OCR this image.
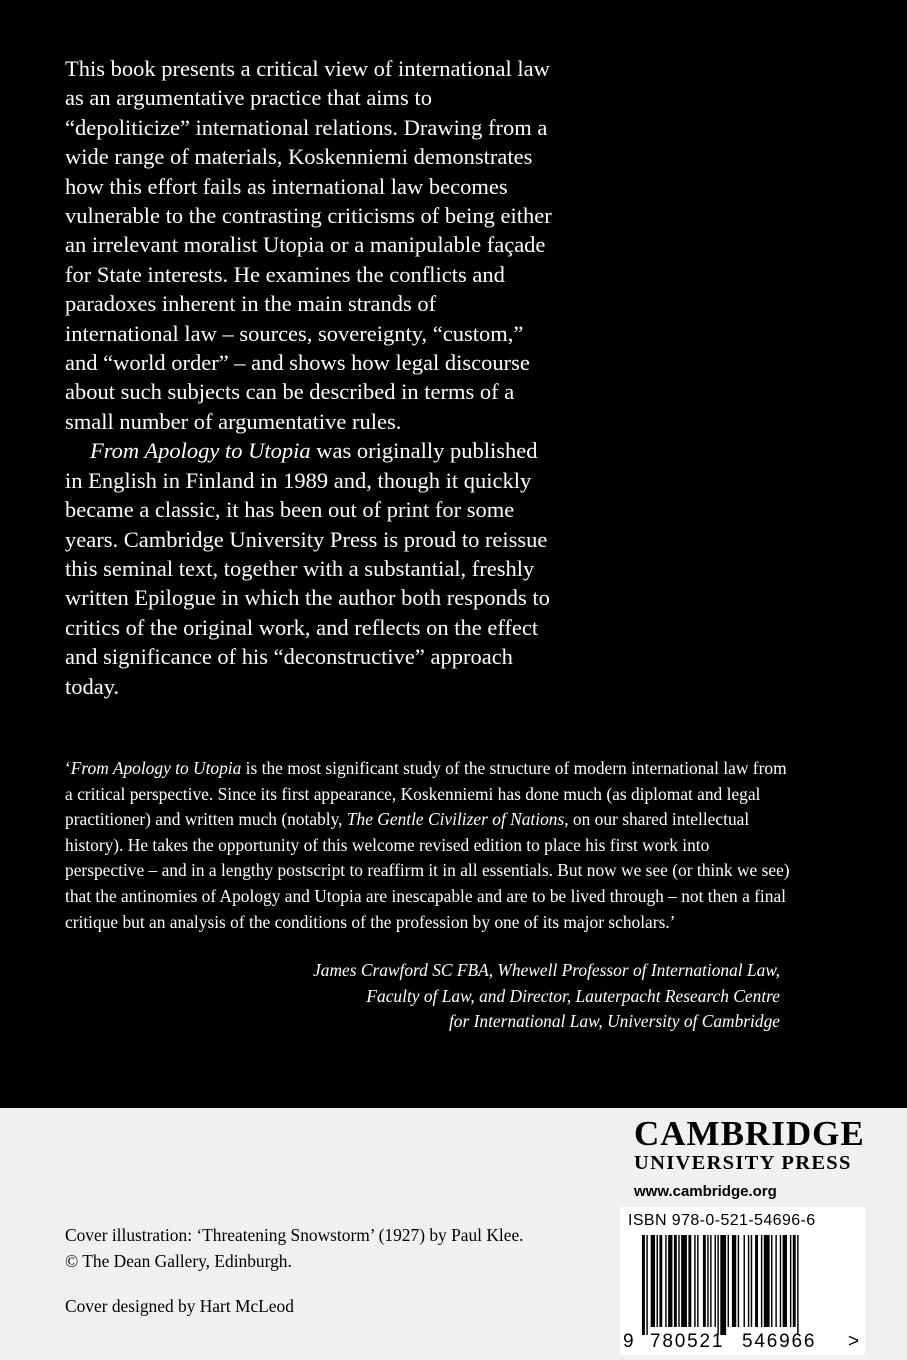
This book presents a critical view of international law as an argumentative practice that aims to “depoliticize” international relations. Drawing from a wide range of materials, Koskenniemi demonstrates how this effort fails as international law becomes vulnerable to the contrasting criticisms of being either an irrelevant moralist Utopia or a manipulable façade for State interests. He examines the conflicts and paradoxes inherent in the main strands of international law – sources, sovereignty, “custom,” and “world order” – and shows how legal discourse about such subjects can be described in terms of a small number of argumentative rules.

From Apology to Utopia was originally published in English in Finland in 1989 and, though it quickly became a classic, it has been out of print for some years. Cambridge University Press is proud to reissue this seminal text, together with a substantial, freshly written Epilogue in which the author both responds to critics of the original work, and reflects on the effect and significance of his “deconstructive” approach today.

‘From Apology to Utopia is the most significant study of the structure of modern international law from a critical perspective. Since its first appearance, Koskenniemi has done much (as diplomat and legal practitioner) and written much (notably, The Gentle Civilizer of Nations, on our shared intellectual history). He takes the opportunity of this welcome revised edition to place his first work into perspective – and in a lengthy postscript to reaffirm it in all essentials. But now we see (or think we see) that the antinomies of Apology and Utopia are inescapable and are to be lived through – not then a final critique but an analysis of the conditions of the profession by one of its major scholars.’

James Crawford SC FBA, Whewell Professor of International Law,
Faculty of Law, and Director, Lauterpacht Research Centre
for International Law, University of Cambridge
CAMBRIDGE
UNIVERSITY PRESS
www.cambridge.org
Cover illustration: ‘Threatening Snowstorm’ (1927) by Paul Klee.
© The Dean Gallery, Edinburgh.
Cover designed by Hart McLeod
ISBN 978-0-521-54696-6
9 780521 546966 >
